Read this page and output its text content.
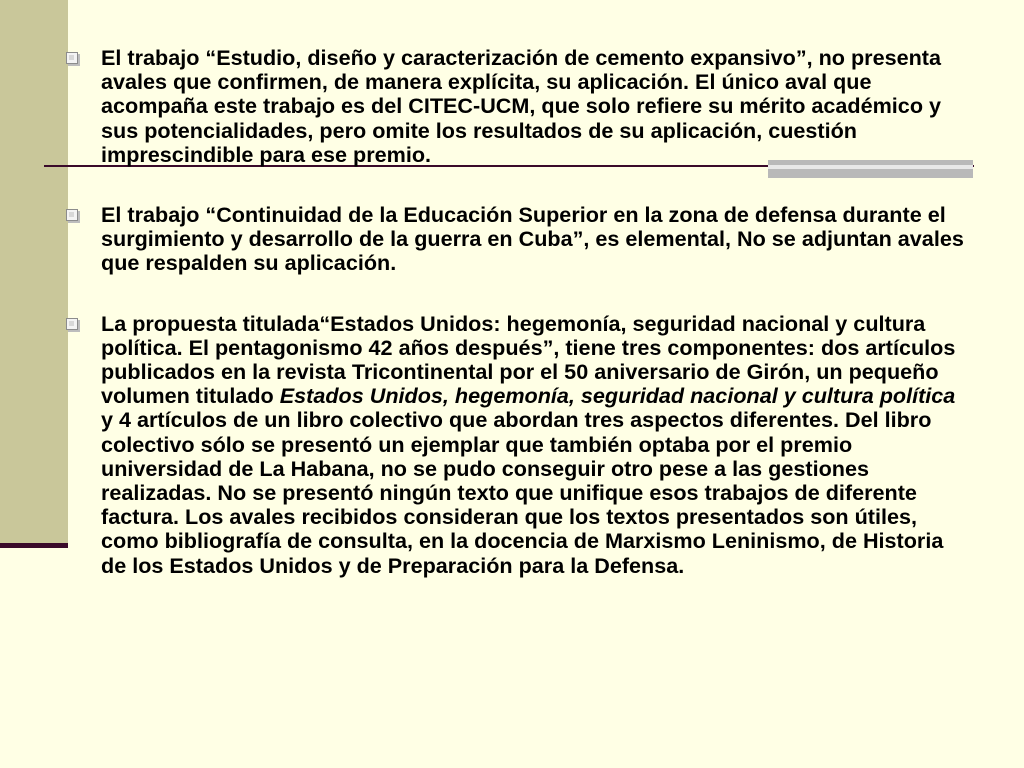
El trabajo “Estudio, diseño y caracterización de cemento expansivo”, no presenta avales que confirmen, de manera explícita, su aplicación. El único aval que acompaña este trabajo es del CITEC-UCM, que solo refiere su mérito académico y sus potencialidades, pero omite los resultados de su aplicación, cuestión imprescindible para ese premio.
El trabajo “Continuidad de la Educación Superior en la zona de defensa durante el surgimiento y desarrollo de la guerra en Cuba”, es elemental, No se adjuntan avales que respalden su aplicación.
La propuesta titulada“Estados Unidos: hegemonía, seguridad nacional y cultura política. El pentagonismo 42 años después”, tiene tres componentes: dos artículos publicados en la revista Tricontinental por el 50 aniversario de Girón, un pequeño volumen titulado Estados Unidos, hegemonía, seguridad nacional y cultura política y 4 artículos de un libro colectivo que abordan tres aspectos diferentes. Del libro colectivo sólo se presentó un ejemplar que también optaba por el premio universidad de La Habana, no se pudo conseguir otro pese a las gestiones realizadas. No se presentó ningún texto que unifique esos trabajos de diferente factura. Los avales recibidos consideran que los textos presentados son útiles, como bibliografía de consulta, en la docencia de Marxismo Leninismo, de Historia de los Estados Unidos y de Preparación para la Defensa.
